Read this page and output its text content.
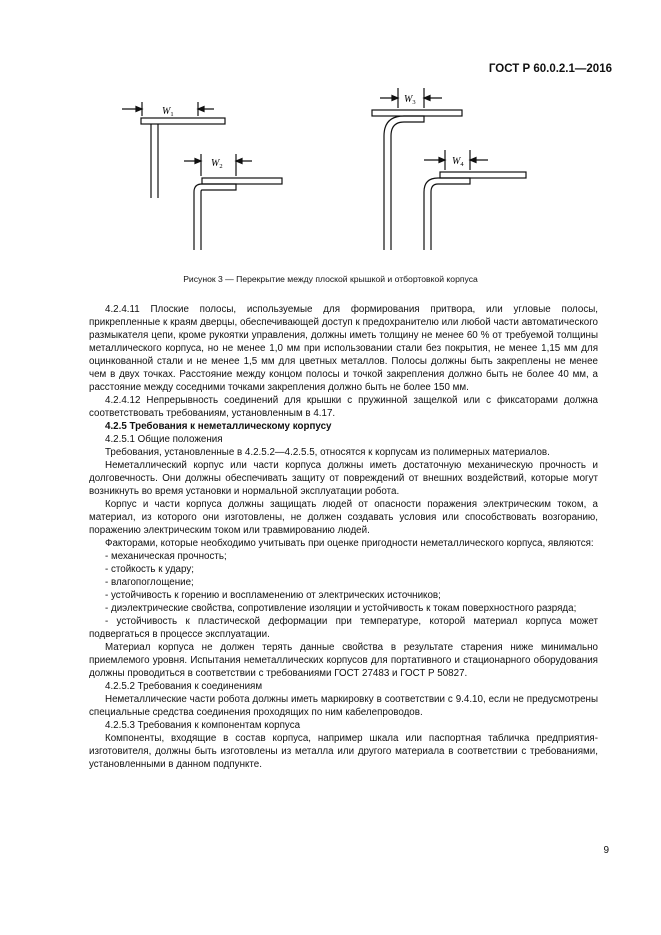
ГОСТ Р 60.0.2.1—2016
$W_1$
$W_2$
$W_3$
$W_4$
Рисунок 3 — Перекрытие между плоской крышкой и отбортовкой корпуса

4.2.4.11 Плоские полосы, используемые для формирования притвора, или угловые полосы, прикрепленные к краям дверцы, обеспечивающей доступ к предохранителю или любой части автоматического размыкателя цепи, кроме рукоятки управления, должны иметь толщину не менее 60 % от требуемой толщины металлического корпуса, но не менее 1,0 мм при использовании стали без покрытия, не менее 1,15 мм для оцинкованной стали и не менее 1,5 мм для цветных металлов. Полосы должны быть закреплены не менее чем в двух точках. Расстояние между концом полосы и точкой закрепления должно быть не более 40 мм, а расстояние между соседними точками закрепления должно быть не более 150 мм.

4.2.4.12 Непрерывность соединений для крышки с пружинной защелкой или с фиксаторами должна соответствовать требованиям, установленным в 4.17.

4.2.5 Требования к неметаллическому корпусу

4.2.5.1 Общие положения

Требования, установленные в 4.2.5.2—4.2.5.5, относятся к корпусам из полимерных материалов.

Неметаллический корпус или части корпуса должны иметь достаточную механическую прочность и долговечность. Они должны обеспечивать защиту от повреждений от внешних воздействий, которые могут возникнуть во время установки и нормальной эксплуатации робота.

Корпус и части корпуса должны защищать людей от опасности поражения электрическим током, а материал, из которого они изготовлены, не должен создавать условия или способствовать возгоранию, поражению электрическим током или травмированию людей.

Факторами, которые необходимо учитывать при оценке пригодности неметаллического корпуса, являются:

- механическая прочность;

- стойкость к удару;

- влагопоглощение;

- устойчивость к горению и воспламенению от электрических источников;

- диэлектрические свойства, сопротивление изоляции и устойчивость к токам поверхностного разряда;

- устойчивость к пластической деформации при температуре, которой материал корпуса может подвергаться в процессе эксплуатации.

Материал корпуса не должен терять данные свойства в результате старения ниже минимально приемлемого уровня. Испытания неметаллических корпусов для портативного и стационарного оборудования должны проводиться в соответствии с требованиями ГОСТ 27483 и ГОСТ Р 50827.

4.2.5.2 Требования к соединениям

Неметаллические части робота должны иметь маркировку в соответствии с 9.4.10, если не предусмотрены специальные средства соединения проходящих по ним кабелепроводов.

4.2.5.3 Требования к компонентам корпуса

Компоненты, входящие в состав корпуса, например шкала или паспортная табличка предприятия-изготовителя, должны быть изготовлены из металла или другого материала в соответствии с требованиями, установленными в данном подпункте.

9
